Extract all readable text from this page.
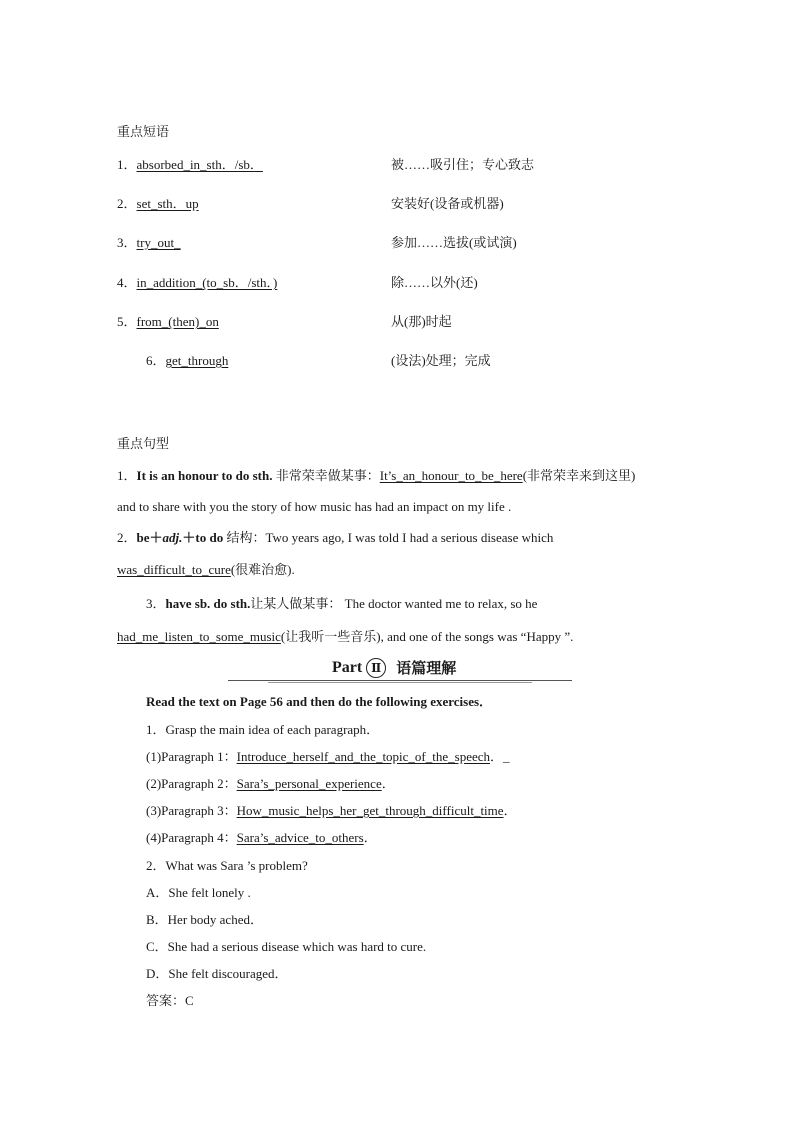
重点短语
1．absorbed_in_sth．/sb．	被……吸引住；专心致志
2．set_sth．up	安装好(设备或机器)
3．try_out_	参加……选拔(或试演)
4．in_addition_(to_sb．/sth．)	除……以外(还)
5．from_(then)_on	从(那)时起
6．get_through	(设法)处理；完成
重点句型
1．It is an honour to do sth. 非常荣幸做某事：It’s_an_honour_to_be_here(非常荣幸来到这里)
and to share with you the story of how music has had an impact on my life .
2．be＋adj.＋to do 结构：Two years ago, I was told I had a serious disease which
was_difficult_to_cure(很难治愈).
3．have sb. do sth.让某人做某事： The doctor wanted me to relax, so he
had_me_listen_to_some_music(让我听一些音乐), and one of the songs was “Happy ”.
Part Ⅱ 语篇理解
Read the text on Page 56 and then do the following exercises．
1．Grasp the main idea of each paragraph．
(1)Paragraph 1：Introduce_herself_and_the_topic_of_the_speech．_
(2)Paragraph 2：Sara’s_personal_experience．
(3)Paragraph 3：How_music_helps_her_get_through_difficult_time．
(4)Paragraph 4：Sara’s_advice_to_others．
2．What was Sara ’s problem?
A．She felt lonely .
B．Her body ached．
C．She had a serious disease which was hard to cure.
D．She felt discouraged．
答案：C
